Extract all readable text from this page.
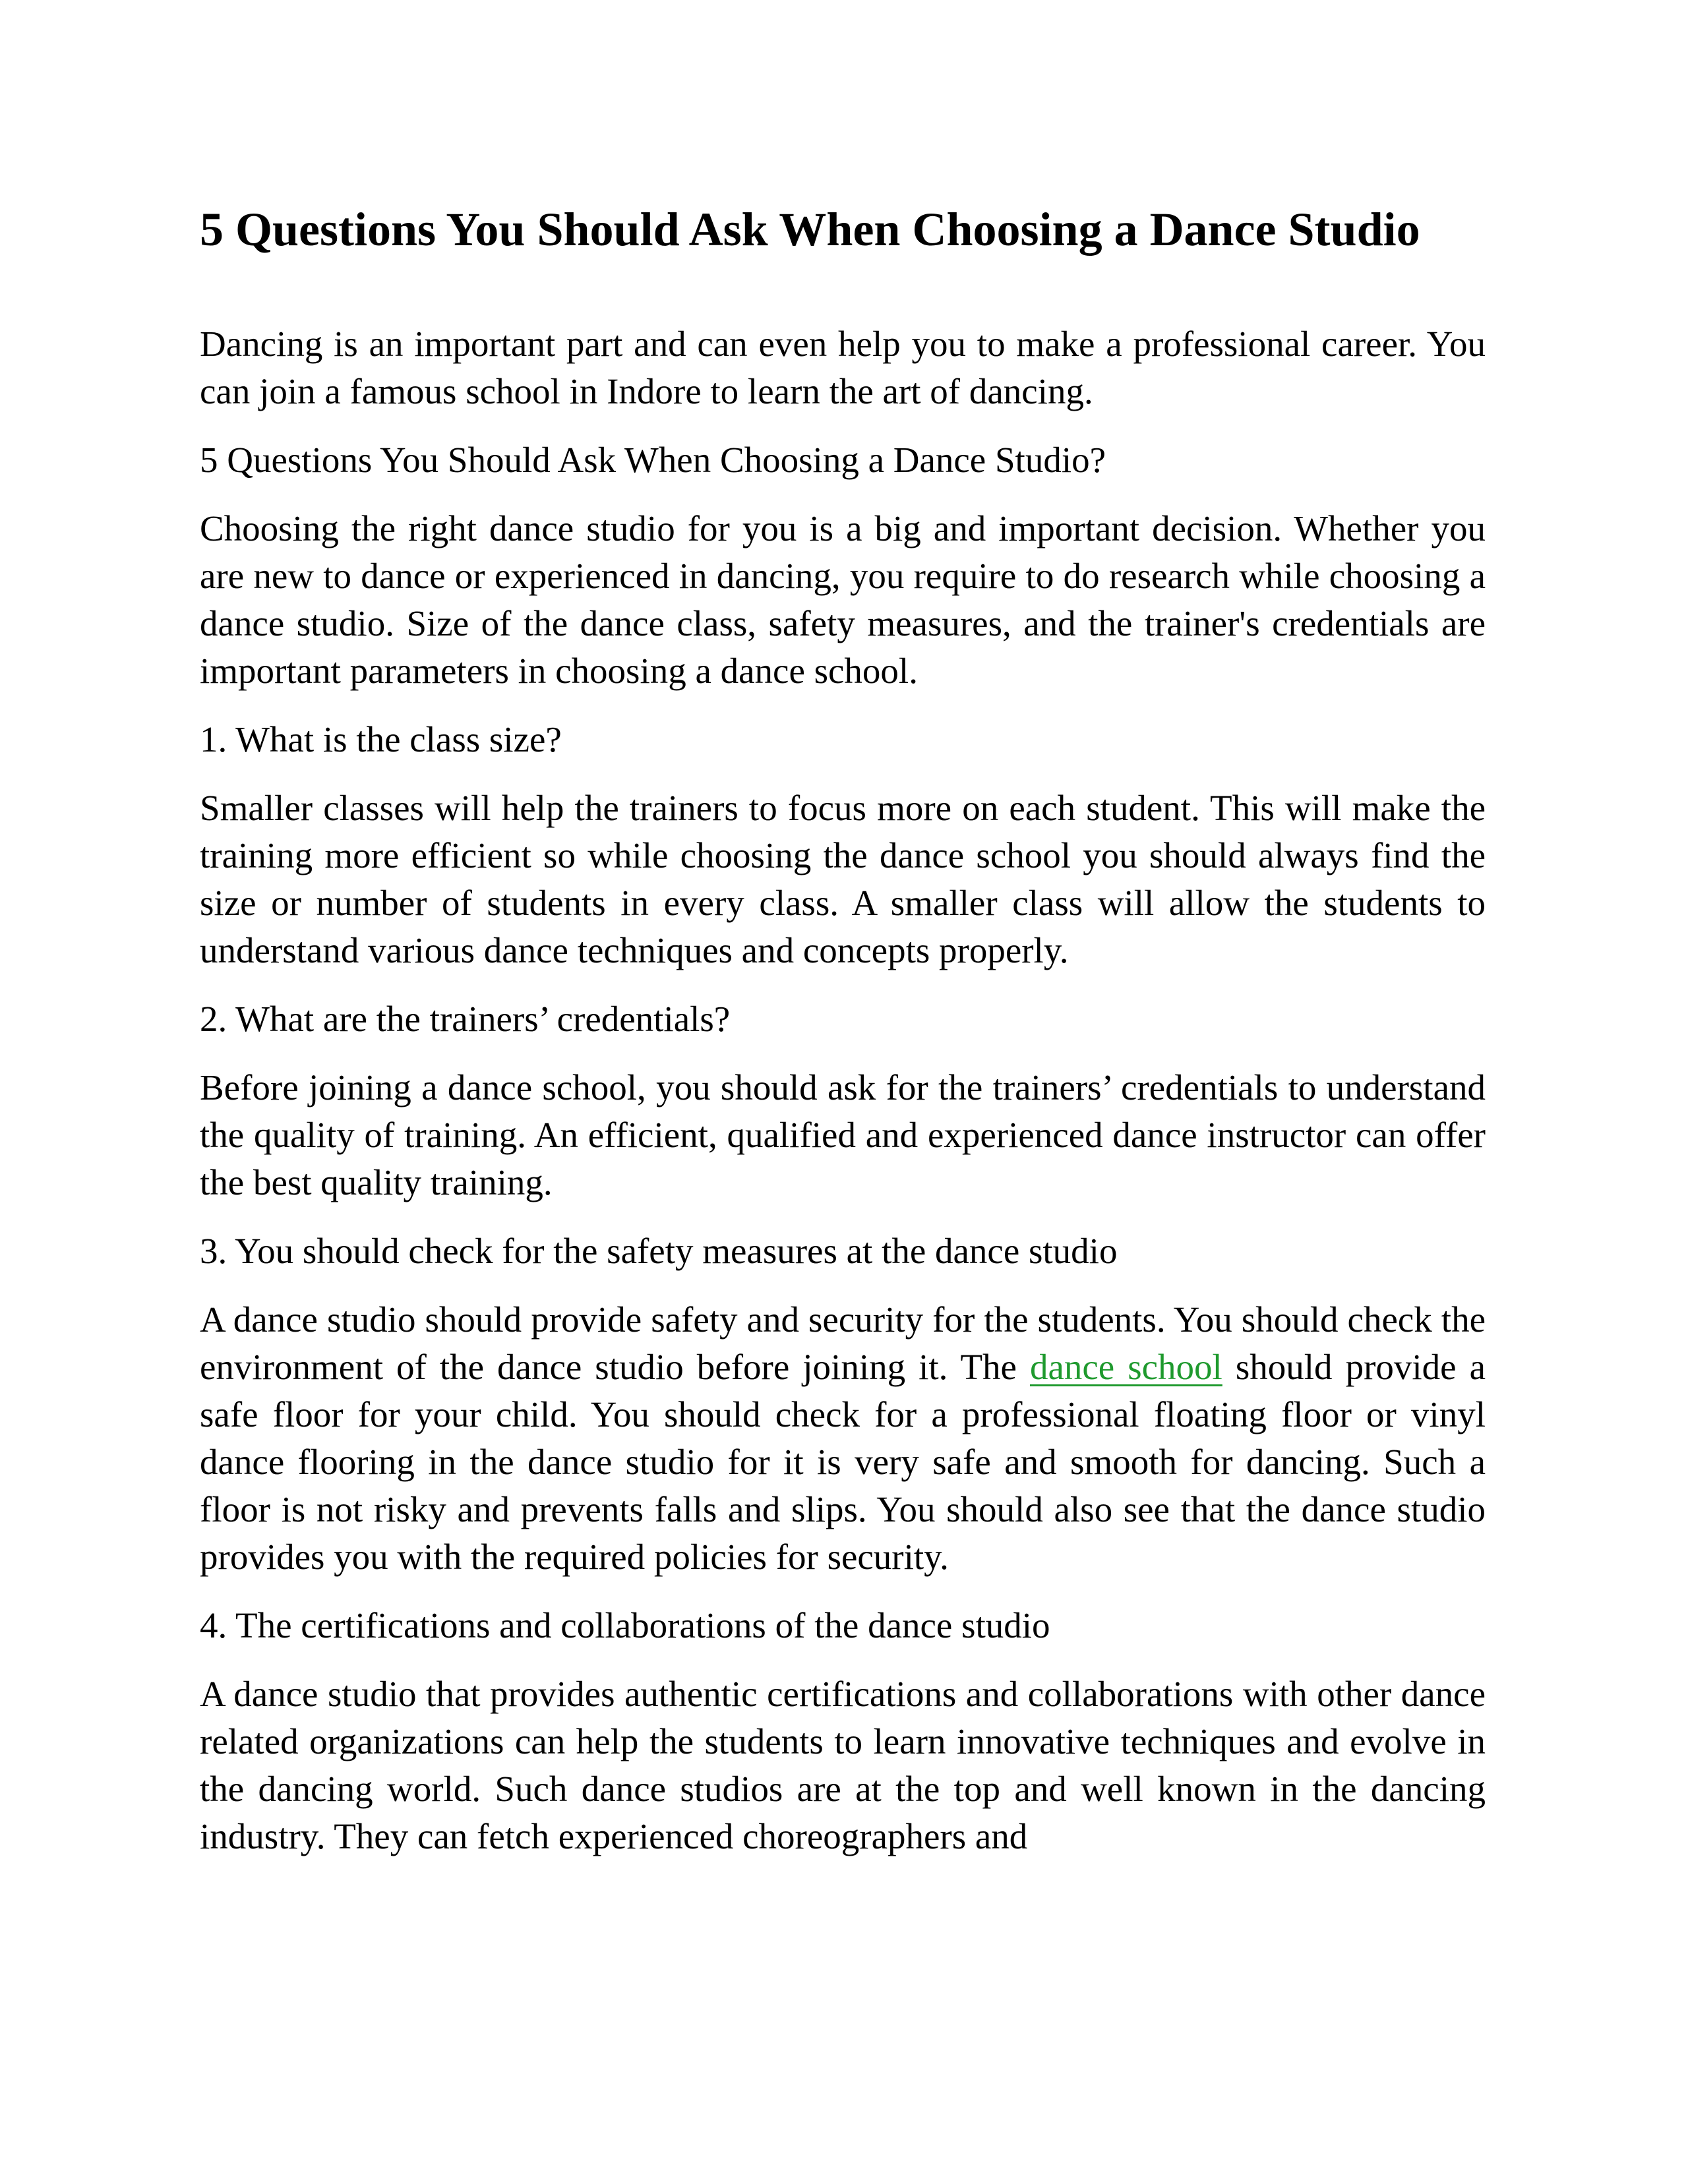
5 Questions You Should Ask When Choosing a Dance Studio

Dancing is an important part and can even help you to make a professional career. You can join a famous school in Indore to learn the art of dancing.

5 Questions You Should Ask When Choosing a Dance Studio?

Choosing the right dance studio for you is a big and important decision. Whether you are new to dance or experienced in dancing, you require to do research while choosing a dance studio. Size of the dance class, safety measures, and the trainer's credentials are important parameters in choosing a dance school.

1. What is the class size?

Smaller classes will help the trainers to focus more on each student. This will make the training more efficient so while choosing the dance school you should always find the size or number of students in every class. A smaller class will allow the students to understand various dance techniques and concepts properly.

2. What are the trainers’ credentials?

Before joining a dance school, you should ask for the trainers’ credentials to understand the quality of training. An efficient, qualified and experienced dance instructor can offer the best quality training.

3. You should check for the safety measures at the dance studio

A dance studio should provide safety and security for the students. You should check the environment of the dance studio before joining it. The dance school should provide a safe floor for your child. You should check for a professional floating floor or vinyl dance flooring in the dance studio for it is very safe and smooth for dancing. Such a floor is not risky and prevents falls and slips. You should also see that the dance studio provides you with the required policies for security.

4. The certifications and collaborations of the dance studio

A dance studio that provides authentic certifications and collaborations with other dance related organizations can help the students to learn innovative techniques and evolve in the dancing world. Such dance studios are at the top and well known in the dancing industry. They can fetch experienced choreographers and
